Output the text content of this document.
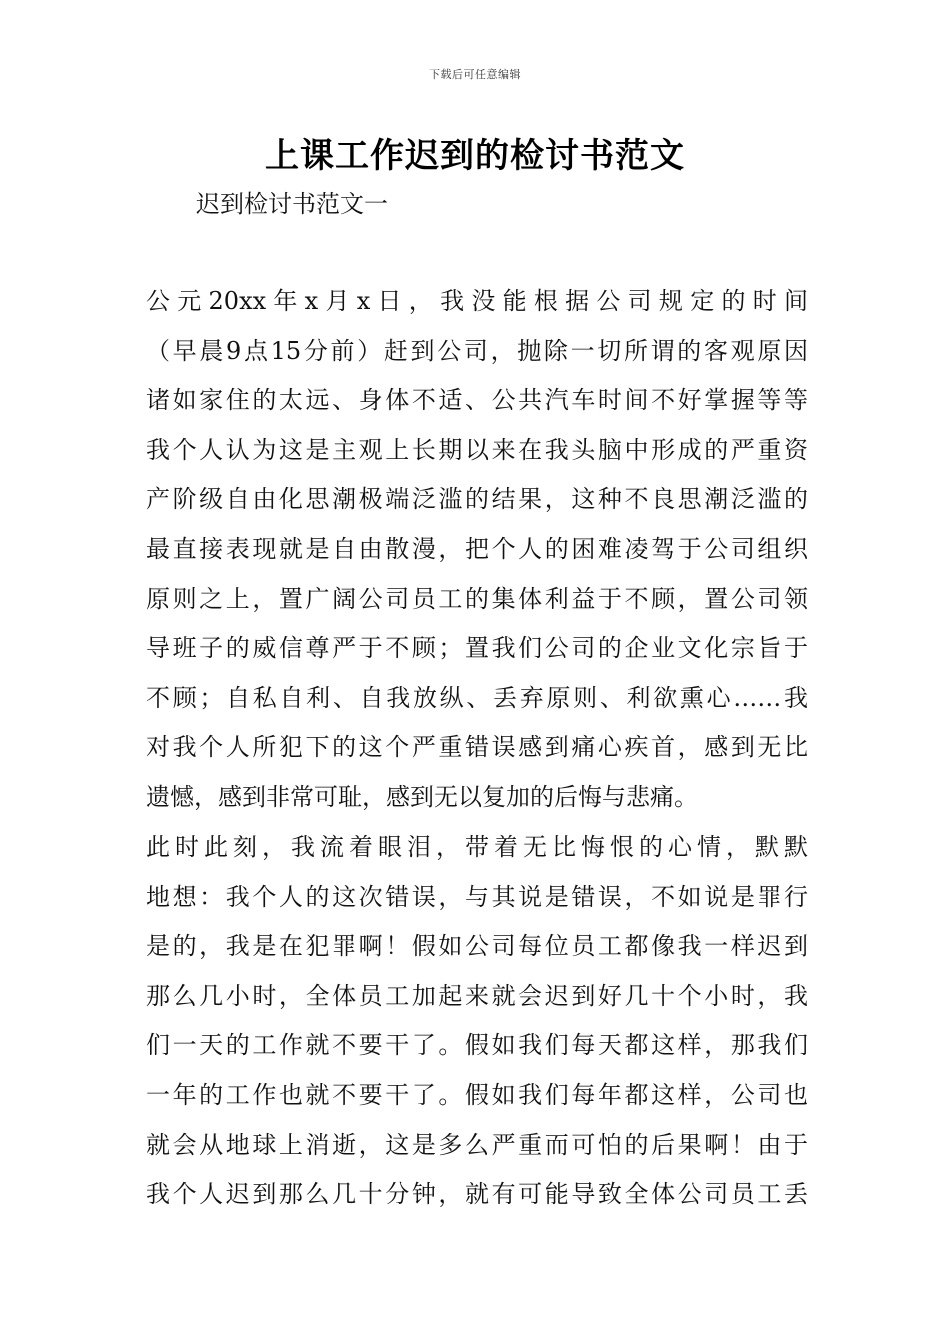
下载后可任意编辑
上课工作迟到的检讨书范文
迟到检讨书范文一
公元20xx年x月x日，我没能根据公司规定的时间
（早晨9点15分前）赶到公司，抛除一切所谓的客观原因
诸如家住的太远、身体不适、公共汽车时间不好掌握等等
我个人认为这是主观上长期以来在我头脑中形成的严重资
产阶级自由化思潮极端泛滥的结果，这种不良思潮泛滥的
最直接表现就是自由散漫，把个人的困难凌驾于公司组织
原则之上，置广阔公司员工的集体利益于不顾，置公司领
导班子的威信尊严于不顾；置我们公司的企业文化宗旨于
不顾；自私自利、自我放纵、丢弃原则、利欲熏心……我
对我个人所犯下的这个严重错误感到痛心疾首，感到无比
遗憾，感到非常可耻，感到无以复加的后悔与悲痛。
此时此刻，我流着眼泪，带着无比悔恨的心情，默默
地想：我个人的这次错误，与其说是错误，不如说是罪行
是的，我是在犯罪啊！假如公司每位员工都像我一样迟到
那么几小时，全体员工加起来就会迟到好几十个小时，我
们一天的工作就不要干了。假如我们每天都这样，那我们
一年的工作也就不要干了。假如我们每年都这样，公司也
就会从地球上消逝，这是多么严重而可怕的后果啊！由于
我个人迟到那么几十分钟，就有可能导致全体公司员工丢
